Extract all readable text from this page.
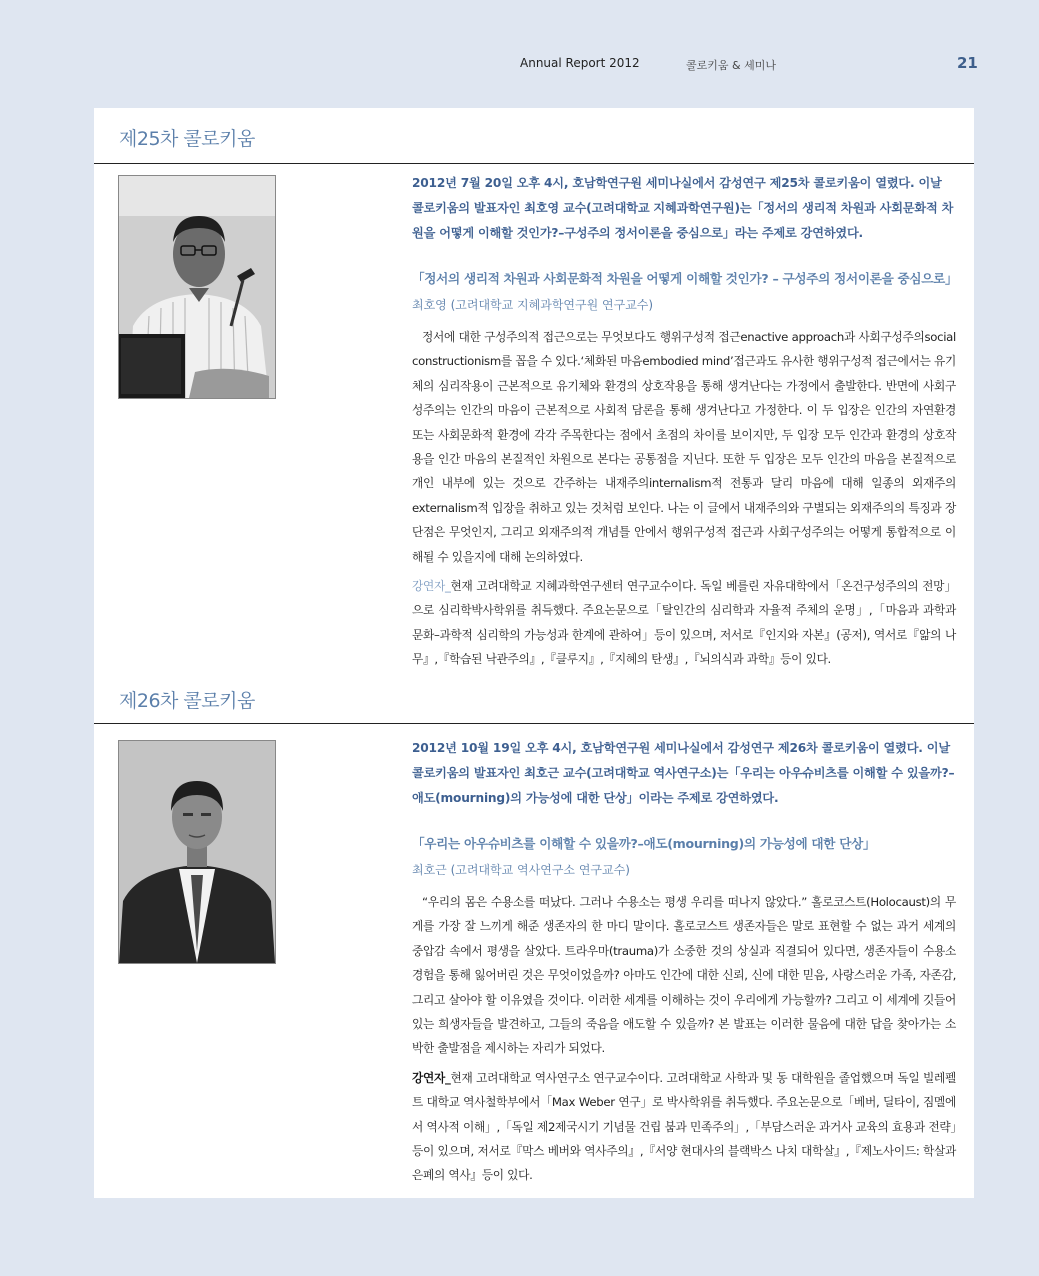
Annual Report 2012	콜로키움 & 세미나	21
제25차 콜로키움

2012년 7월 20일 오후 4시, 호남학연구원 세미나실에서 감성연구 제25차 콜로키움이 열렸다. 이날 콜로키움의 발표자인 최호영 교수(고려대학교 지혜과학연구원)는「정서의 생리적 차원과 사회문화적 차원을 어떻게 이해할 것인가?–구성주의 정서이론을 중심으로」라는 주제로 강연하였다.

「정서의 생리적 차원과 사회문화적 차원을 어떻게 이해할 것인가? – 구성주의 정서이론을 중심으로」

최호영 (고려대학교 지혜과학연구원 연구교수)

정서에 대한 구성주의적 접근으로는 무엇보다도 행위구성적 접근enactive approach과 사회구성주의social constructionism를 꼽을 수 있다.‘체화된 마음embodied mind’접근과도 유사한 행위구성적 접근에서는 유기체의 심리작용이 근본적으로 유기체와 환경의 상호작용을 통해 생겨난다는 가정에서 출발한다. 반면에 사회구성주의는 인간의 마음이 근본적으로 사회적 담론을 통해 생겨난다고 가정한다. 이 두 입장은 인간의 자연환경 또는 사회문화적 환경에 각각 주목한다는 점에서 초점의 차이를 보이지만, 두 입장 모두 인간과 환경의 상호작용을 인간 마음의 본질적인 차원으로 본다는 공통점을 지닌다. 또한 두 입장은 모두 인간의 마음을 본질적으로 개인 내부에 있는 것으로 간주하는 내재주의internalism적 전통과 달리 마음에 대해 일종의 외재주의externalism적 입장을 취하고 있는 것처럼 보인다. 나는 이 글에서 내재주의와 구별되는 외재주의의 특징과 장단점은 무엇인지, 그리고 외재주의적 개념틀 안에서 행위구성적 접근과 사회구성주의는 어떻게 통합적으로 이해될 수 있을지에 대해 논의하였다.

강연자_현재 고려대학교 지혜과학연구센터 연구교수이다. 독일 베를린 자유대학에서「온건구성주의의 전망」으로 심리학박사학위를 취득했다. 주요논문으로「탈인간의 심리학과 자율적 주체의 운명」,「마음과 과학과 문화–과학적 심리학의 가능성과 한계에 관하여」등이 있으며, 저서로『인지와 자본』(공저), 역서로『앎의 나무』,『학습된 낙관주의』,『클루지』,『지혜의 탄생』,『뇌의식과 과학』등이 있다.

제26차 콜로키움

2012년 10월 19일 오후 4시, 호남학연구원 세미나실에서 감성연구 제26차 콜로키움이 열렸다. 이날 콜로키움의 발표자인 최호근 교수(고려대학교 역사연구소)는「우리는 아우슈비츠를 이해할 수 있을까?–애도(mourning)의 가능성에 대한 단상」이라는 주제로 강연하였다.

「우리는 아우슈비츠를 이해할 수 있을까?–애도(mourning)의 가능성에 대한 단상」

최호근 (고려대학교 역사연구소 연구교수)

“우리의 몸은 수용소를 떠났다. 그러나 수용소는 평생 우리를 떠나지 않았다.” 홀로코스트(Holocaust)의 무게를 가장 잘 느끼게 해준 생존자의 한 마디 말이다. 홀로코스트 생존자들은 말로 표현할 수 없는 과거 세계의 중압감 속에서 평생을 살았다. 트라우마(trauma)가 소중한 것의 상실과 직결되어 있다면, 생존자들이 수용소 경험을 통해 잃어버린 것은 무엇이었을까? 아마도 인간에 대한 신뢰, 신에 대한 믿음, 사랑스러운 가족, 자존감, 그리고 살아야 할 이유였을 것이다. 이러한 세계를 이해하는 것이 우리에게 가능할까? 그리고 이 세계에 깃들어 있는 희생자들을 발견하고, 그들의 죽음을 애도할 수 있을까? 본 발표는 이러한 물음에 대한 답을 찾아가는 소박한 출발점을 제시하는 자리가 되었다.

강연자_현재 고려대학교 역사연구소 연구교수이다. 고려대학교 사학과 및 동 대학원을 졸업했으며 독일 빌레펠트 대학교 역사철학부에서「Max Weber 연구」로 박사학위를 취득했다. 주요논문으로「베버, 딜타이, 짐멜에서 역사적 이해」,「독일 제2제국시기 기념물 건립 붐과 민족주의」,「부담스러운 과거사 교육의 효용과 전략」등이 있으며, 저서로『막스 베버와 역사주의』,『서양 현대사의 블랙박스 나치 대학살』,『제노사이드: 학살과 은폐의 역사』등이 있다.
